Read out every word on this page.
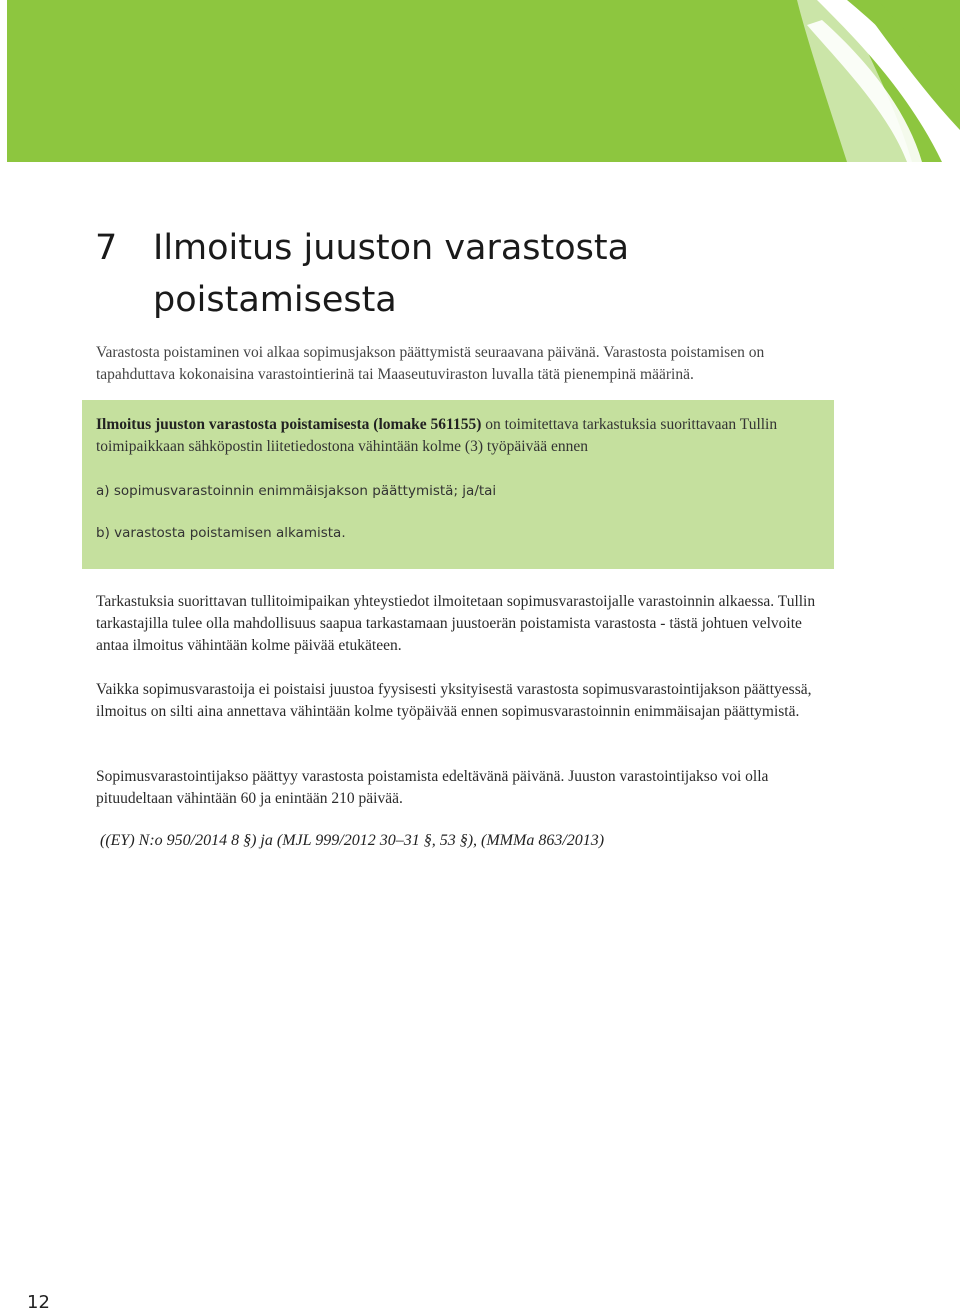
7 Ilmoitus juuston varastosta poistamisesta

Varastosta poistaminen voi alkaa sopimusjakson päättymistä seuraavana päivänä. Varastosta poistamisen on tapahduttava kokonaisina varastointierinä tai Maaseutuviraston luvalla tätä pienempinä määrinä.

Ilmoitus juuston varastosta poistamisesta (lomake 561155) on toimitettava tarkastuksia suorittavaan Tullin toimipaikkaan sähköpostin liitetiedostona vähintään kolme (3) työpäivää ennen

a) sopimusvarastoinnin enimmäisjakson päättymistä; ja/tai

b) varastosta poistamisen alkamista.

Tarkastuksia suorittavan tullitoimipaikan yhteystiedot ilmoitetaan sopimusvarastoijalle varastoinnin alkaessa. Tullin tarkastajilla tulee olla mahdollisuus saapua tarkastamaan juustoerän poistamista varastosta - tästä johtuen velvoite antaa ilmoitus vähintään kolme päivää etukäteen.

Vaikka sopimusvarastoija ei poistaisi juustoa fyysisesti yksityisestä varastosta sopimusvarastointijakson päättyessä, ilmoitus on silti aina annettava vähintään kolme työpäivää ennen sopimusvarastoinnin enimmäisajan päättymistä.

Sopimusvarastointijakso päättyy varastosta poistamista edeltävänä päivänä. Juuston varastointijakso voi olla pituudeltaan vähintään 60 ja enintään 210 päivää.

((EY) N:o 950/2014 8 §) ja (MJL 999/2012 30–31 §, 53 §), (MMMa 863/2013)
12
